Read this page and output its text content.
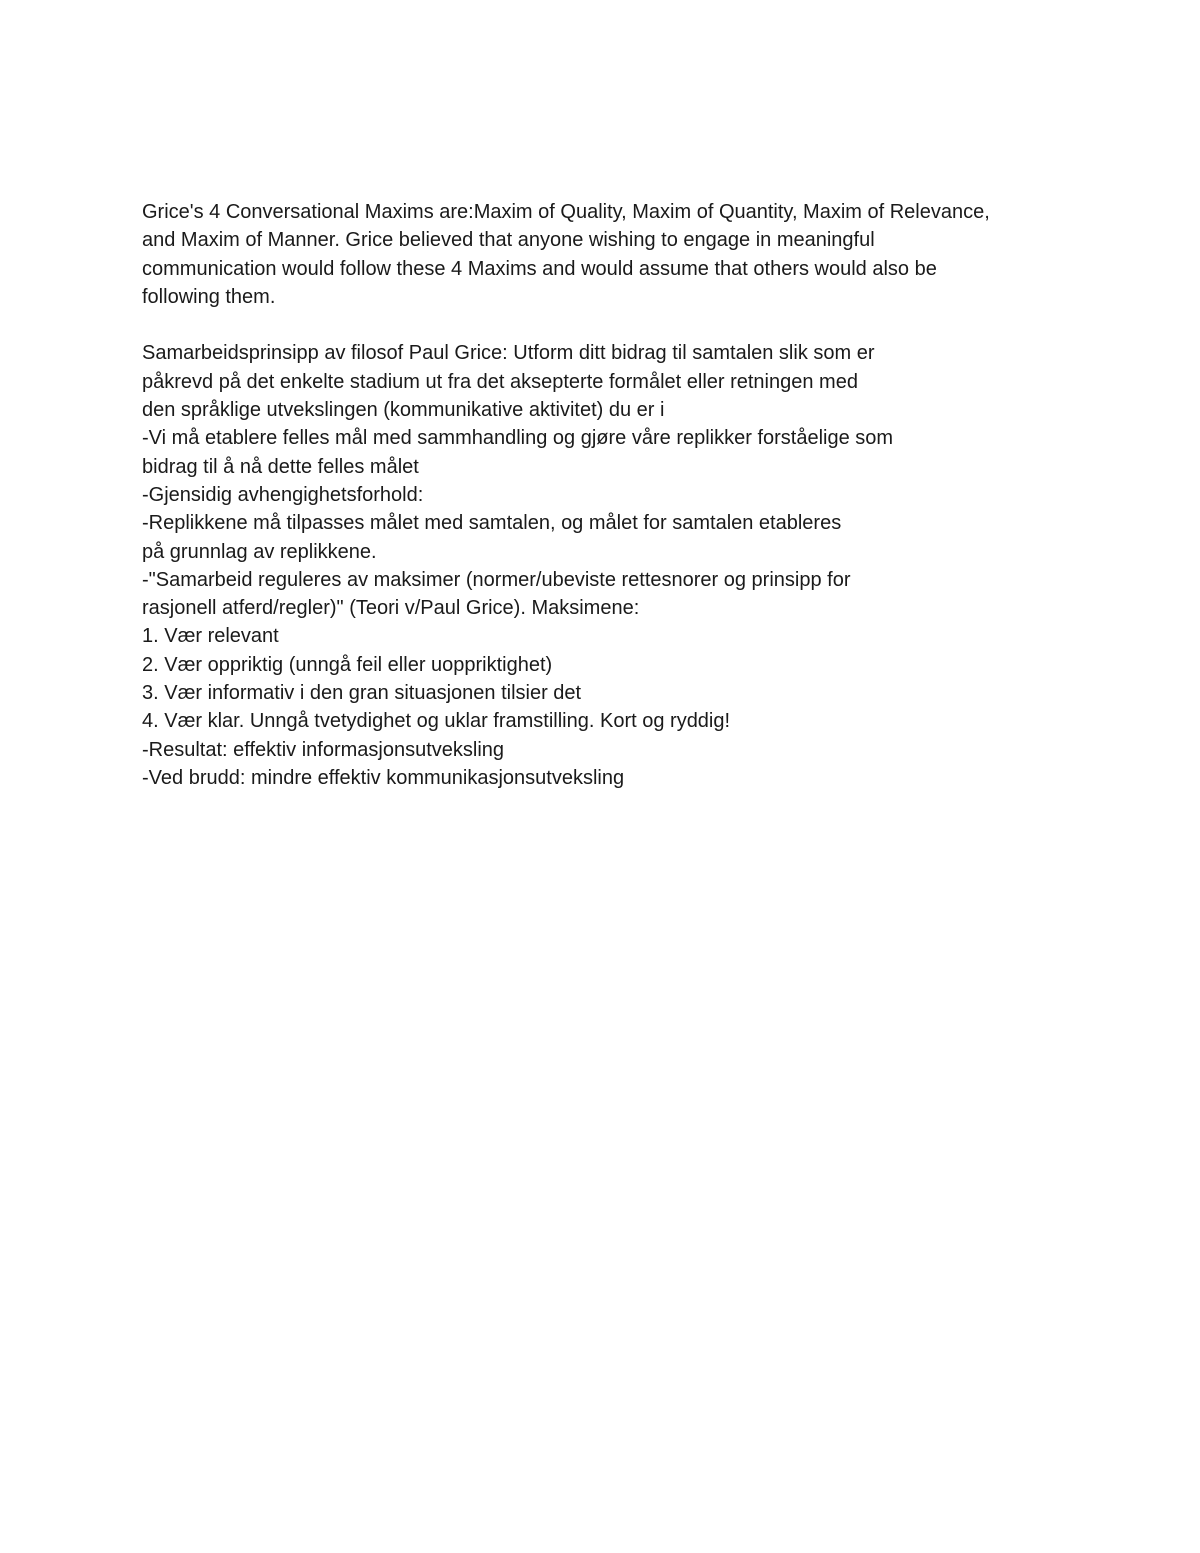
Grice's 4 Conversational Maxims are:Maxim of Quality, Maxim of Quantity, Maxim of Relevance,
and Maxim of Manner. Grice believed that anyone wishing to engage in meaningful
communication would follow these 4 Maxims and would assume that others would also be
following them.
Samarbeidsprinsipp av filosof Paul Grice: Utform ditt bidrag til samtalen slik som er
påkrevd på det enkelte stadium ut fra det aksepterte formålet eller retningen med
den språklige utvekslingen (kommunikative aktivitet) du er i
-Vi må etablere felles mål med sammhandling og gjøre våre replikker forståelige som
bidrag til å nå dette felles målet
-Gjensidig avhengighetsforhold:
-Replikkene må tilpasses målet med samtalen, og målet for samtalen etableres
på grunnlag av replikkene.
-"Samarbeid reguleres av maksimer (normer/ubeviste rettesnorer og prinsipp for
rasjonell atferd/regler)" (Teori v/Paul Grice). Maksimene:
1. Vær relevant
2. Vær oppriktig (unngå feil eller uoppriktighet)
3. Vær informativ i den gran situasjonen tilsier det
4. Vær klar. Unngå tvetydighet og uklar framstilling. Kort og ryddig!
-Resultat: effektiv informasjonsutveksling
-Ved brudd: mindre effektiv kommunikasjonsutveksling
